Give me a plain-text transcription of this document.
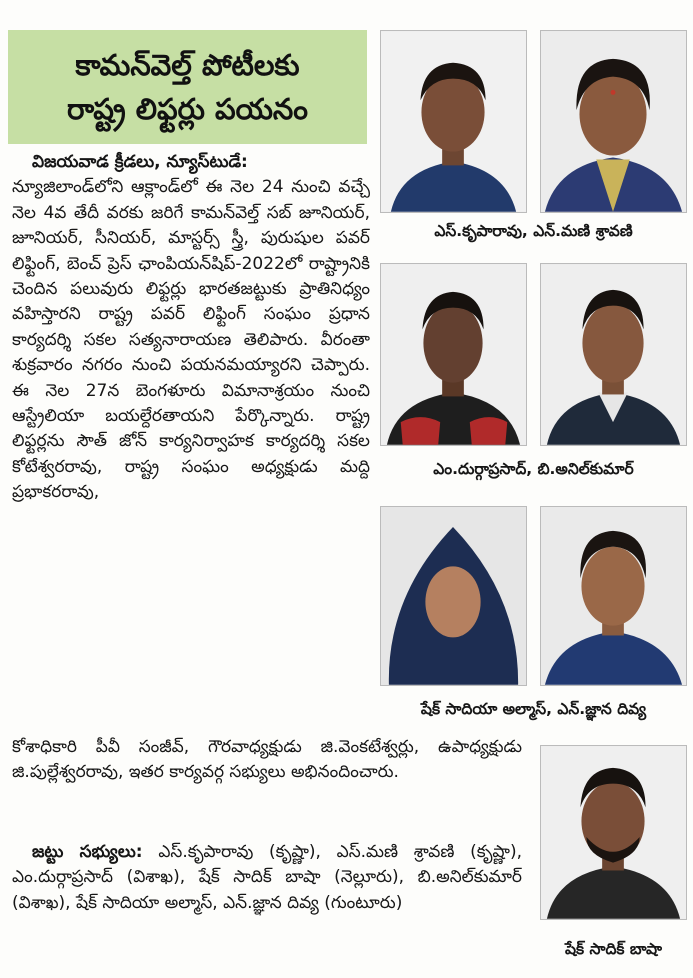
కామన్‌వెల్త్‌ పోటీలకు
రాష్ట్ర లిఫ్టర్లు పయనం

విజయవాడ క్రీడలు, న్యూస్‌టుడే:

న్యూజిలాండ్‌లోని ఆక్లాండ్‌లో ఈ నెల 24 నుంచి వచ్చే నెల 4వ తేదీ వరకు జరిగే కామన్‌వెల్త్‌ సబ్‌ జూనియర్, జూనియర్, సీనియర్, మాస్టర్స్‌ స్త్రీ, పురుషుల పవర్‌ లిఫ్టింగ్, బెంచ్‌ ప్రెస్‌ ఛాంపియన్‌షిప్‌-2022లో రాష్ట్రానికి చెందిన పలువురు లిఫ్టర్లు భారతజట్టుకు ప్రాతినిధ్యం వహిస్తారని రాష్ట్ర పవర్‌ లిఫ్టింగ్‌ సంఘం ప్రధాన కార్యదర్శి సకల సత్యనారాయణ తెలిపారు. వీరంతా శుక్రవారం నగరం నుంచి పయనమయ్యారని చెప్పారు. ఈ నెల 27న బెంగళూరు విమానాశ్రయం నుంచి ఆస్ట్రేలియా బయల్దేరతాయని పేర్కొన్నారు. రాష్ట్ర లిఫ్టర్లను సౌత్‌ జోన్‌ కార్యనిర్వాహక కార్యదర్శి సకల కోటేశ్వరరావు, రాష్ట్ర సంఘం అధ్యక్షుడు మద్ది ప్రభాకరరావు,

కోశాధికారి పీవీ సంజీవ్, గౌరవాధ్యక్షుడు జి.వెంకటేశ్వర్లు, ఉపాధ్యక్షుడు జి.పుల్లేశ్వరరావు, ఇతర కార్యవర్గ సభ్యులు అభినందించారు.

జట్టు సభ్యులు: ఎస్‌.కృపారావు (కృష్ణా), ఎస్‌.మణి శ్రావణి (కృష్ణా), ఎం.దుర్గాప్రసాద్‌ (విశాఖ), షేక్‌ సాదిక్‌ బాషా (నెల్లూరు), బి.అనిల్‌కుమార్‌ (విశాఖ), షేక్‌ సాదియా అల్మాస్, ఎన్‌.జ్ఞాన దివ్య (గుంటూరు)

ఎస్‌.కృపారావు, ఎన్‌.మణి శ్రావణి
ఎం.దుర్గాప్రసాద్, బి.అనిల్‌కుమార్
షేక్‌ సాదియా అల్మాస్, ఎన్‌.జ్ఞాన దివ్య
షేక్‌ సాదిక్‌ బాషా
